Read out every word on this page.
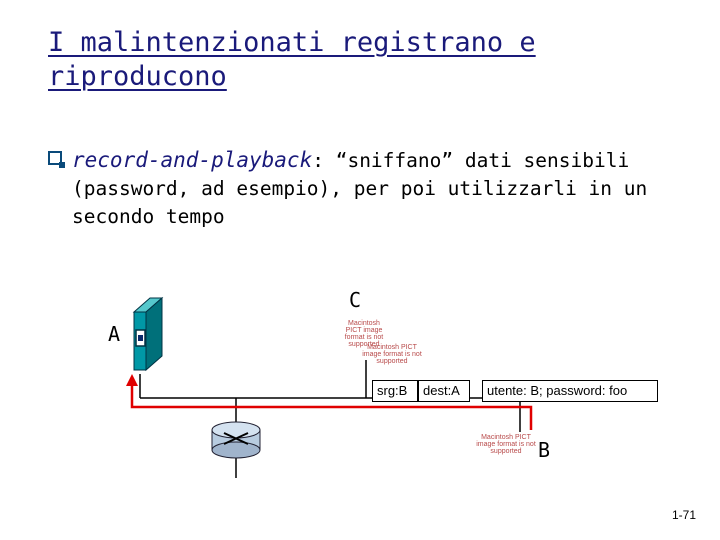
I malintenzionati registrano e riproducono
record-and-playback: “sniffano” dati sensibili
(password, ad esempio), per poi utilizzarli in un
secondo tempo
A
C
B
Macintosh PICT image format is not supported
Macintosh PICT image format is not supported
Macintosh PICT image format is not supported
srg:B	dest:A	utente: B; password: foo
1-71
